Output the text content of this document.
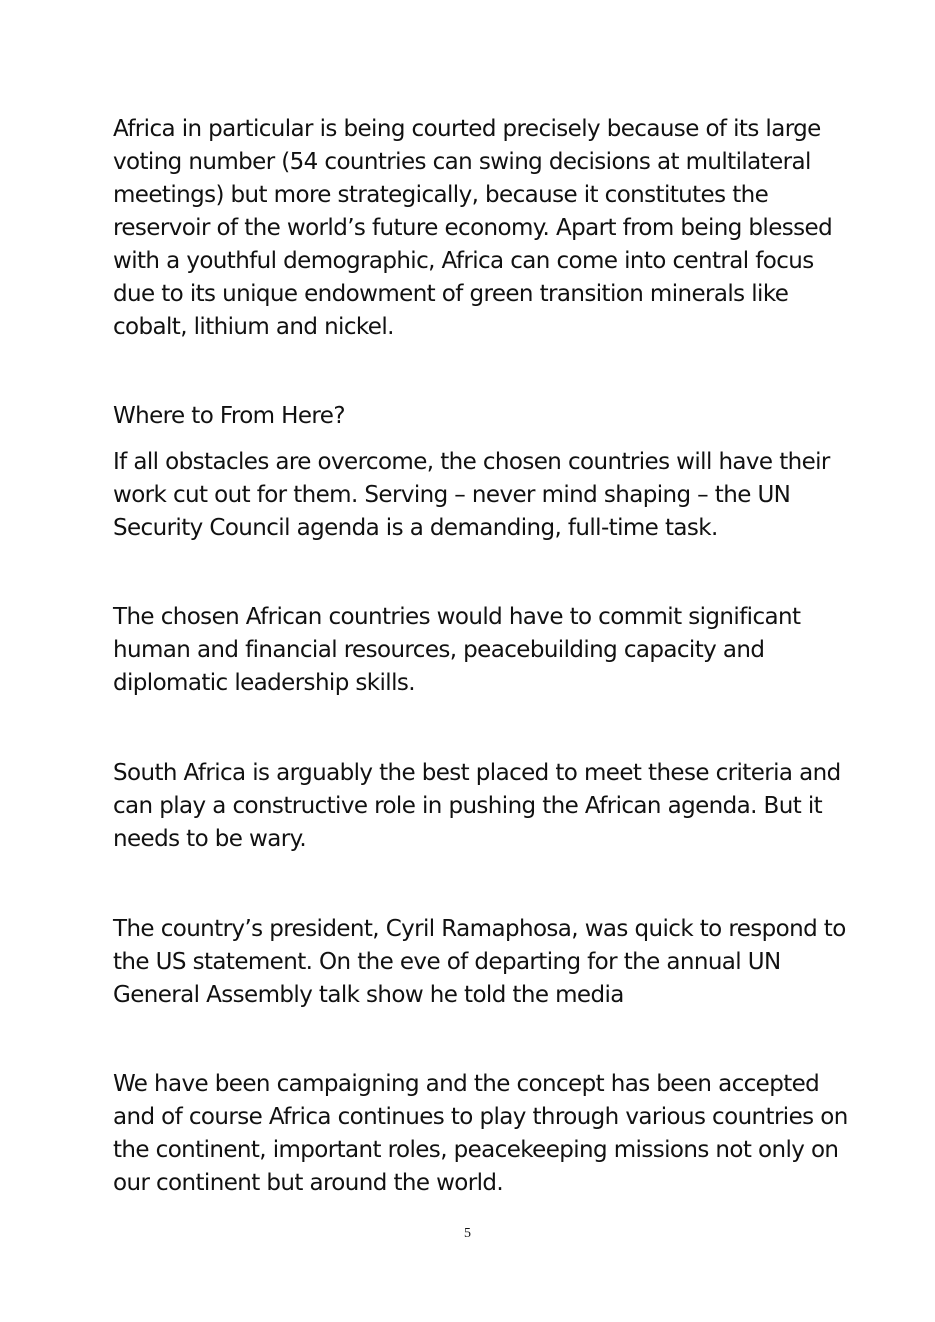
Africa in particular is being courted precisely because of its large voting number (54 countries can swing decisions at multilateral meetings) but more strategically, because it constitutes the reservoir of the world’s future economy. Apart from being blessed with a youthful demographic, Africa can come into central focus due to its unique endowment of green transition minerals like cobalt, lithium and nickel.

Where to From Here?

If all obstacles are overcome, the chosen countries will have their work cut out for them. Serving – never mind shaping – the UN Security Council agenda is a demanding, full-time task.

The chosen African countries would have to commit significant human and financial resources, peacebuilding capacity and diplomatic leadership skills.

South Africa is arguably the best placed to meet these criteria and can play a constructive role in pushing the African agenda. But it needs to be wary.

The country’s president, Cyril Ramaphosa, was quick to respond to the US statement. On the eve of departing for the annual UN General Assembly talk show he told the media

We have been campaigning and the concept has been accepted and of course Africa continues to play through various countries on the continent, important roles, peacekeeping missions not only on our continent but around the world.

5
